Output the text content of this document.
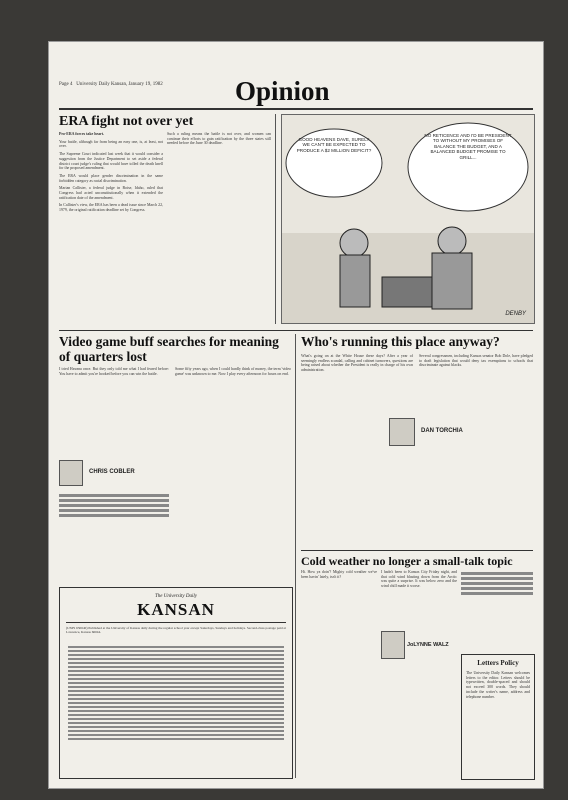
Page 4 University Daily Kansan, January 19, 1982	Opinion
ERA fight not over yet
Pro-ERA forces take heart.
Your battle, although far from being an easy one, is, at least, not over.
The Supreme Court indicated last week that it would consider a suggestion from the Justice Department to set aside a federal district court judge's ruling that would have tolled the death knell for the proposed amendment.
The ERA would place gender discrimination in the same forbidden category as racial discrimination.
Marian Callister, a federal judge in Boise, Idaho, ruled that Congress had acted unconstitutionally when it extended the ratification date of the amendment.
In Callister's view, the ERA has been a dead issue since March 22, 1979, the original ratification deadline set by Congress.
Such a ruling means the battle is not over, and women can continue their efforts to gain ratification by the three states still needed before the June 30 deadline.
GOOD HEAVENS DAVE, SURELY WE CAN'T BE EXPECTED TO PRODUCE A $2 MILLION DEFICIT?
NO RETICENCE AND I'D BE PRESIDENT TO WITHOUT MY PROMISES OF BALANCE THE BUDGET, AND A BALANCED BUDGET PROMISE TO GRILL...
DENBY
Video game buff searches for meaning of quarters lost
I tried Havana once. But they only told me what I had feared before: You have to admit you're hooked before you can win the battle.
Some fifty years ago, when I could hardly think of money, the term 'video game' was unknown to me. Now I play every afternoon for hours on end.
CHRIS COBLER
The University Daily
KANSAN
(USPS 650640) Published at the University of Kansas daily during the regular school year except Saturdays, Sundays and holidays. Second-class postage paid at Lawrence, Kansas 66044.
Who's running this place anyway?
What's going on at the White House these days? After a year of seemingly endless scandal, calling and cabinet turnovers, questions are being raised about whether the President is really in charge of his own administration.
Several congressmen, including Kansas senator Bob Dole, have pledged to draft legislation that would deny tax exemptions to schools that discriminate against blacks.
DAN TORCHIA
Cold weather no longer a small-talk topic
Hi. How ya doin'? Mighty cold weather we've been havin' lately, isn't it?
I hadn't been to Kansas City Friday night, and that cold wind blasting down from the Arctic was quite a surprise. It was below zero and the wind chill made it worse.
JoLYNNE WALZ
Letters Policy
The University Daily Kansan welcomes letters to the editor. Letters should be typewritten, double-spaced and should not exceed 300 words. They should include the writer's name, address and telephone number.
